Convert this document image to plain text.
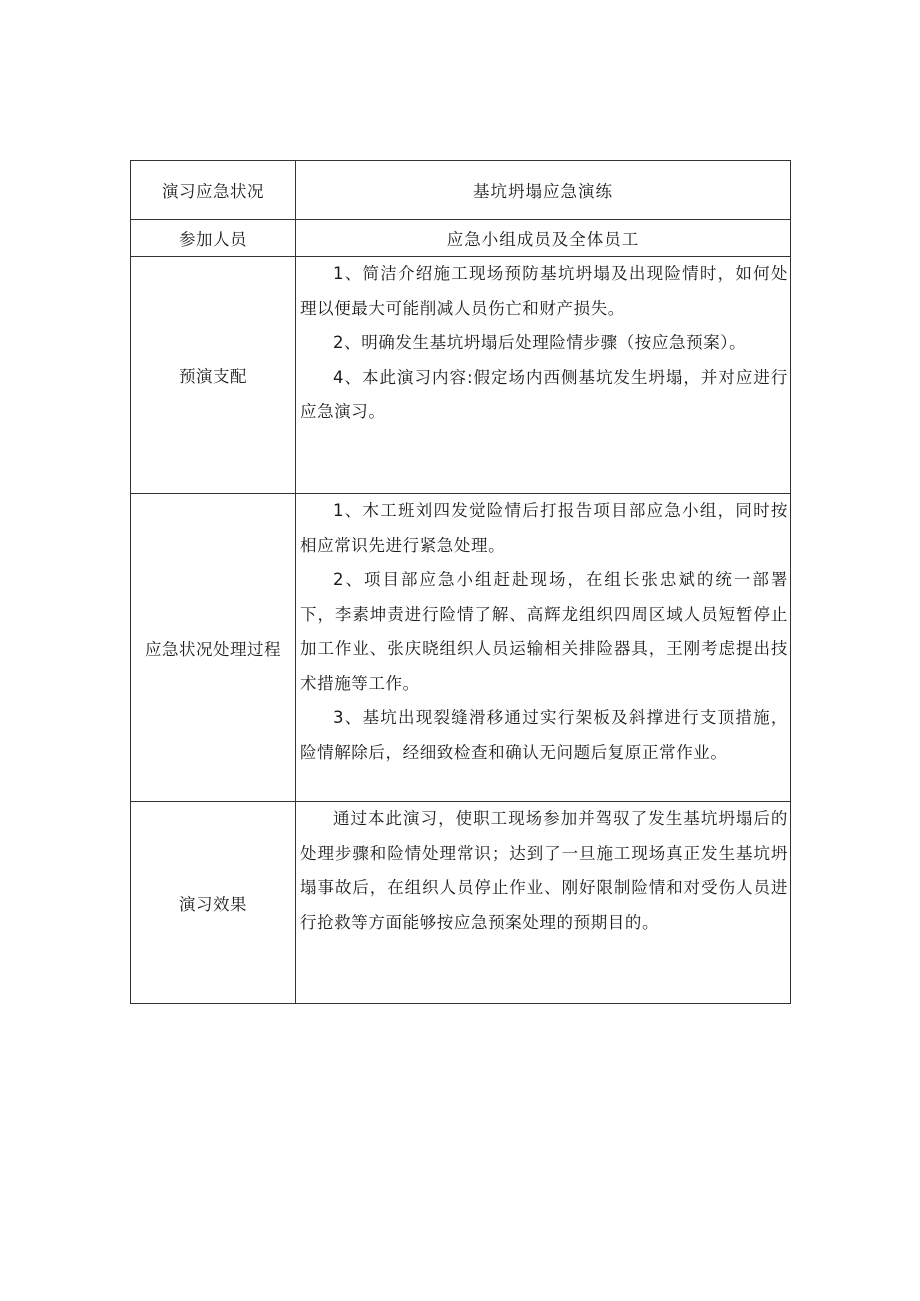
演习应急状况	基坑坍塌应急演练
参加人员	应急小组成员及全体员工
预演支配	1、简洁介绍施工现场预防基坑坍塌及出现险情时，如何处理以便最大可能削减人员伤亡和财产损失。

2、明确发生基坑坍塌后处理险情步骤（按应急预案）。

4、本此演习内容:假定场内西侧基坑发生坍塌，并对应进行应急演习。

应急状况处理过程	1、木工班刘四发觉险情后打报告项目部应急小组，同时按相应常识先进行紧急处理。

2、项目部应急小组赶赴现场，在组长张忠斌的统一部署下，李素坤责进行险情了解、高辉龙组织四周区域人员短暂停止加工作业、张庆晓组织人员运输相关排险器具，王刚考虑提出技术措施等工作。

3、基坑出现裂缝滑移通过实行架板及斜撑进行支顶措施，险情解除后，经细致检查和确认无问题后复原正常作业。

演习效果	通过本此演习，使职工现场参加并驾驭了发生基坑坍塌后的处理步骤和险情处理常识；达到了一旦施工现场真正发生基坑坍塌事故后，在组织人员停止作业、刚好限制险情和对受伤人员进行抢救等方面能够按应急预案处理的预期目的。
